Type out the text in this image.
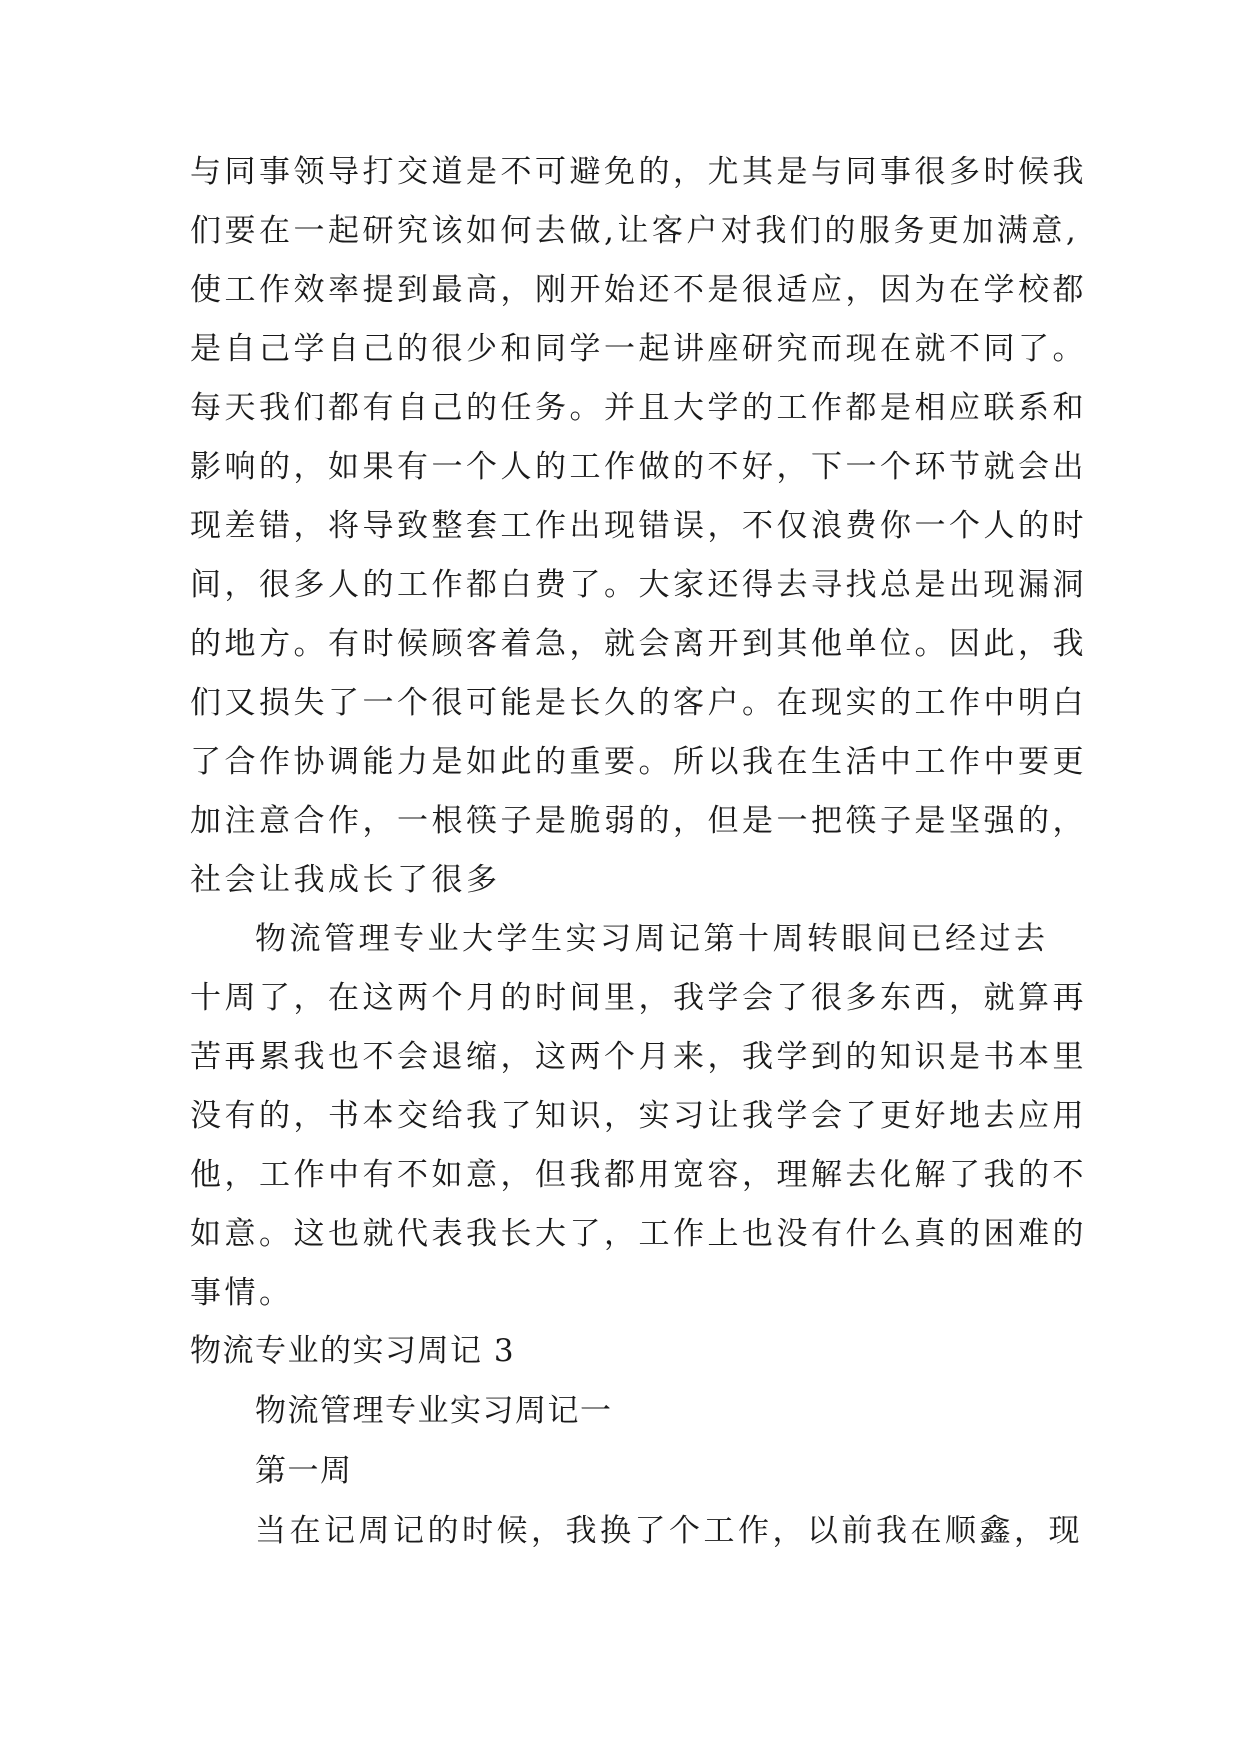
与同事领导打交道是不可避免的，尤其是与同事很多时候我
们要在一起研究该如何去做,让客户对我们的服务更加满意,
使工作效率提到最高，刚开始还不是很适应，因为在学校都
是自己学自己的很少和同学一起讲座研究而现在就不同了。
每天我们都有自己的任务。并且大学的工作都是相应联系和
影响的，如果有一个人的工作做的不好，下一个环节就会出
现差错，将导致整套工作出现错误，不仅浪费你一个人的时
间，很多人的工作都白费了。大家还得去寻找总是出现漏洞
的地方。有时候顾客着急，就会离开到其他单位。因此，我
们又损失了一个很可能是长久的客户。在现实的工作中明白
了合作协调能力是如此的重要。所以我在生活中工作中要更
加注意合作，一根筷子是脆弱的，但是一把筷子是坚强的，
社会让我成长了很多
物流管理专业大学生实习周记第十周转眼间已经过去
十周了，在这两个月的时间里，我学会了很多东西，就算再
苦再累我也不会退缩，这两个月来，我学到的知识是书本里
没有的，书本交给我了知识，实习让我学会了更好地去应用
他，工作中有不如意，但我都用宽容，理解去化解了我的不
如意。这也就代表我长大了，工作上也没有什么真的困难的
事情。
物流专业的实习周记 3
物流管理专业实习周记一
第一周
当在记周记的时候，我换了个工作，以前我在顺鑫，现
